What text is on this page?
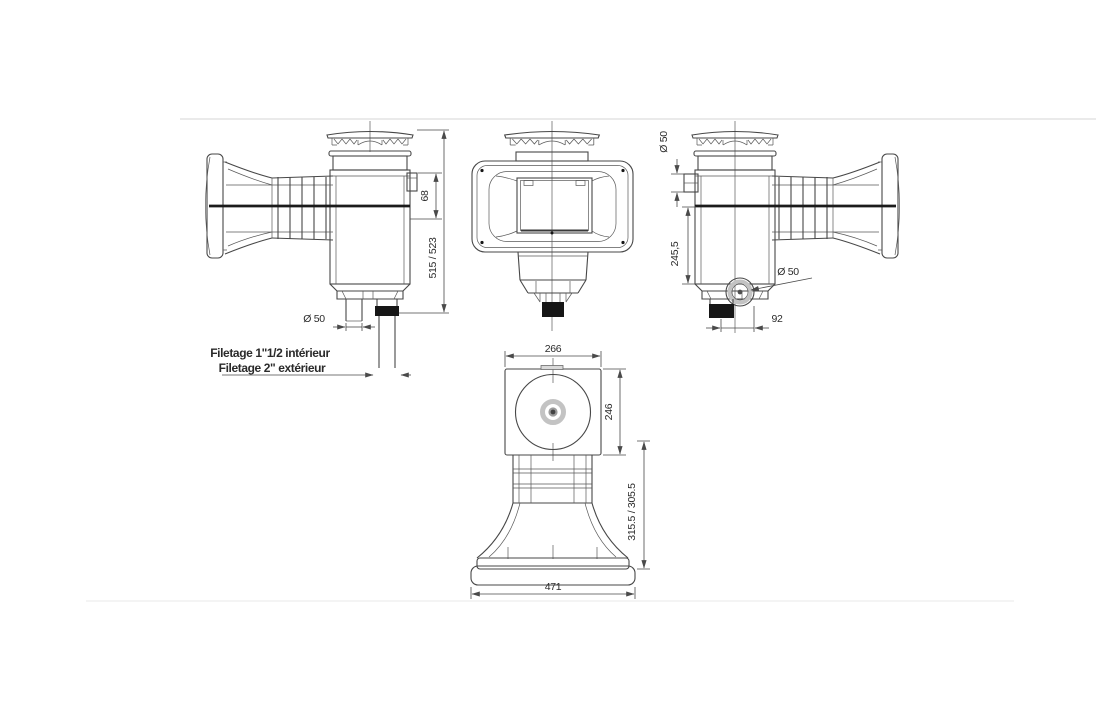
Ø 50
Filetage 1"1/2 intérieur
Filetage 2" extérieur
515 / 523
68
Ø 50
245,5
Ø 50
92
266
246
315.5 / 305.5
471
